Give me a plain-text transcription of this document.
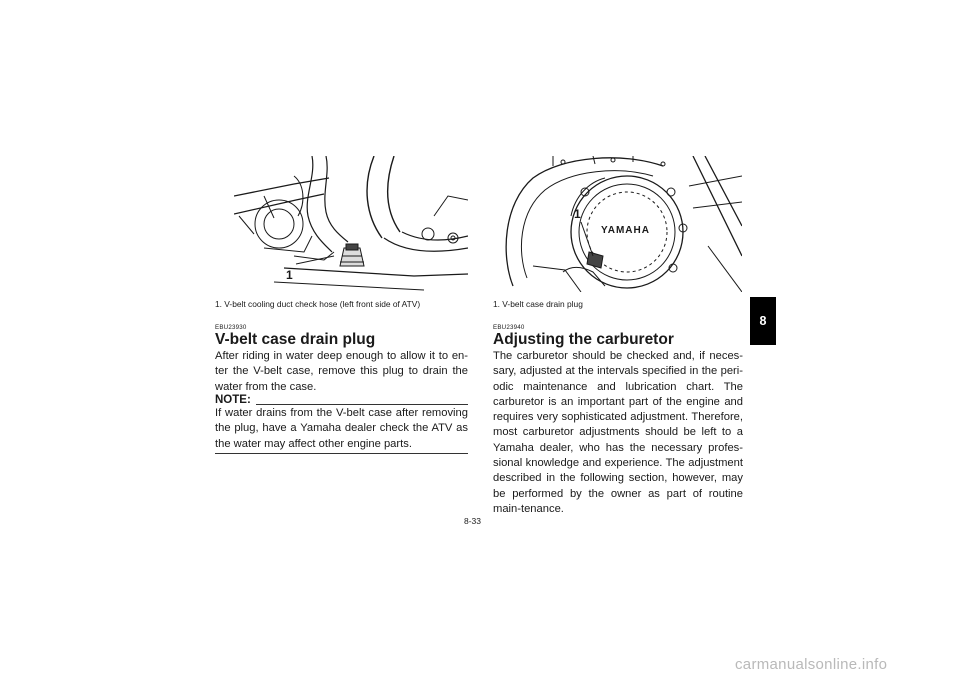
1
1
YAMAHA
1. V-belt cooling duct check hose (left front side of ATV)	1. V-belt case drain plug
EBU23930
V-belt case drain plug

After riding in water deep enough to allow it to en-ter the V-belt case, remove this plug to drain the water from the case.

NOTE:

If water drains from the V-belt case after removing the plug, have a Yamaha dealer check the ATV as the water may affect other engine parts.

EBU23940
Adjusting the carburetor

The carburetor should be checked and, if neces-sary, adjusted at the intervals specified in the peri-odic maintenance and lubrication chart. The carburetor is an important part of the engine and requires very sophisticated adjustment. Therefore, most carburetor adjustments should be left to a Yamaha dealer, who has the necessary profes-sional knowledge and experience. The adjustment described in the following section, however, may be performed by the owner as part of routine main-tenance.

8-33
8
carmanualsonline.info
